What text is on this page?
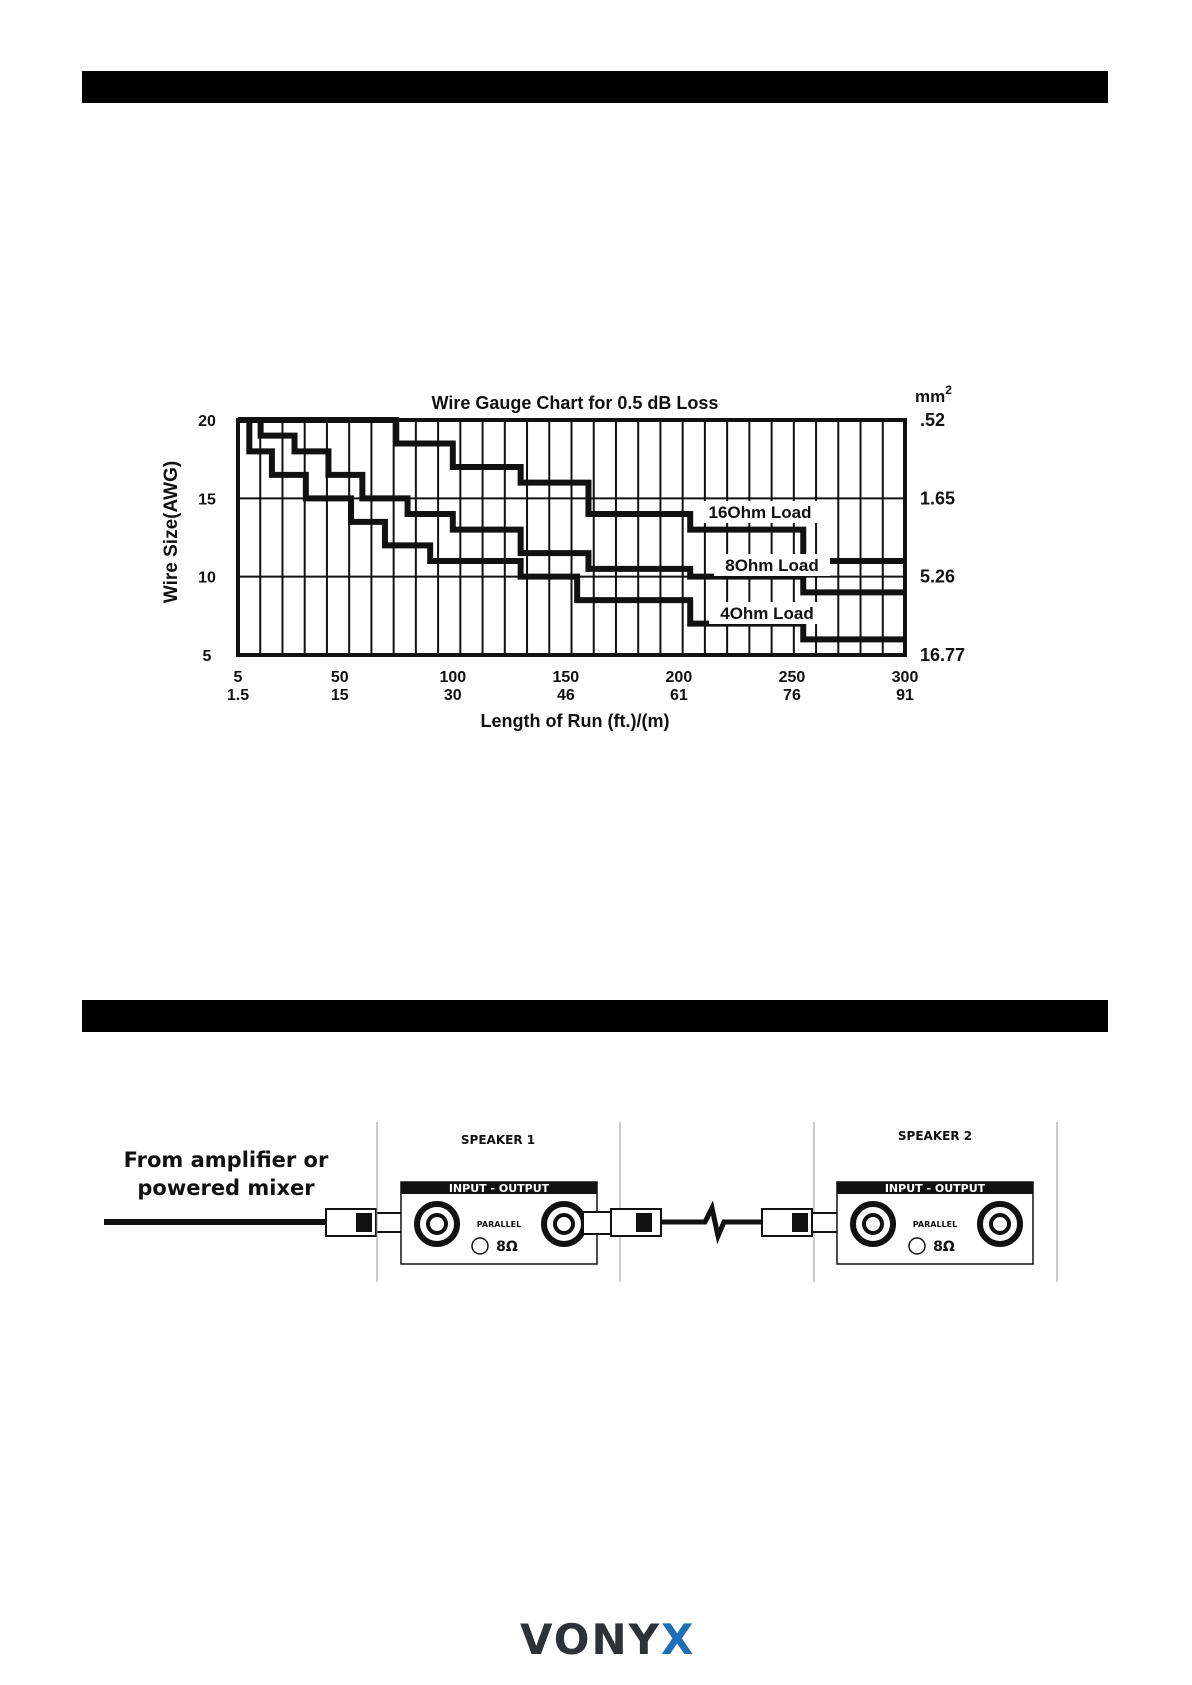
Wire Gauge Chart for 0.5 dB Loss	$mm^2$
Wire Size(AWG)
Length of Run (ft.)/(m)
16Ohm Load
8Ohm Load
4Ohm Load
5
1.5
50
15
100
30
150
46
200
61
250
76
300
91
20	.52
15	1.65
10	5.26
5	16.77
From amplifier or
powered mixer
SPEAKER 1
INPUT - OUTPUT
PARALLEL
8Ω
SPEAKER 2
INPUT - OUTPUT
PARALLEL
8Ω
VONYX
